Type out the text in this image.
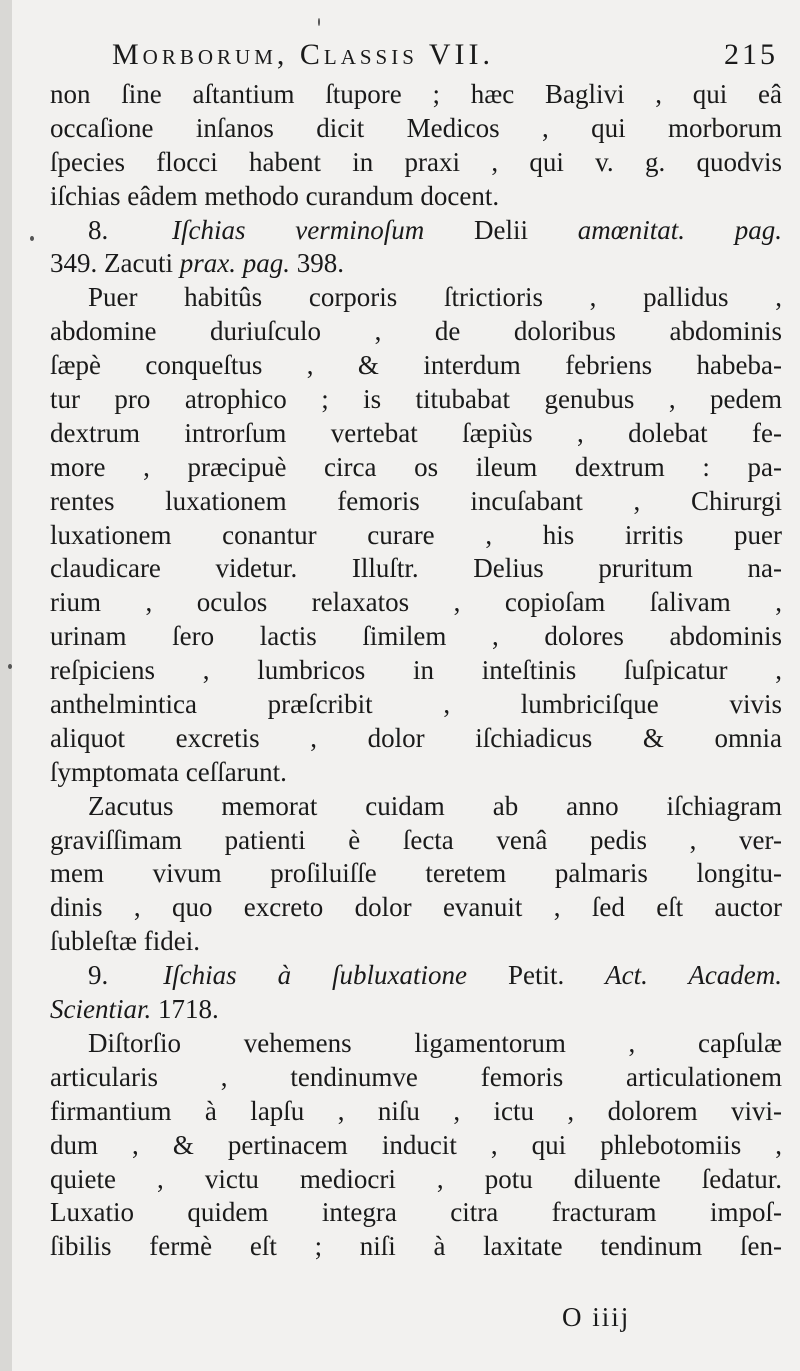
Morborum, Classis VII.	215
non ſine aſtantium ſtupore ; hæc Baglivi , qui eâ
occaſione inſanos dicit Medicos , qui morborum
ſpecies flocci habent in praxi , qui v. g. quodvis
iſchias eâdem methodo curandum docent.
8. Iſchias verminoſum Delii amœnitat. pag.
349. Zacuti prax. pag. 398.
Puer habitûs corporis ſtrictioris , pallidus ,
abdomine duriuſculo , de doloribus abdominis
ſæpè conqueſtus , & interdum febriens habeba-
tur pro atrophico ; is titubabat genubus , pedem
dextrum introrſum vertebat ſæpiùs , dolebat fe-
more , præcipuè circa os ileum dextrum : pa-
rentes luxationem femoris incuſabant , Chirurgi
luxationem conantur curare , his irritis puer
claudicare videtur. Illuſtr. Delius pruritum na-
rium , oculos relaxatos , copioſam ſalivam ,
urinam ſero lactis ſimilem , dolores abdominis
reſpiciens , lumbricos in inteſtinis ſuſpicatur ,
anthelmintica præſcribit , lumbriciſque vivis
aliquot excretis , dolor iſchiadicus & omnia
ſymptomata ceſſarunt.
Zacutus memorat cuidam ab anno iſchiagram
graviſſimam patienti è ſecta venâ pedis , ver-
mem vivum proſiluiſſe teretem palmaris longitu-
dinis , quo excreto dolor evanuit , ſed eſt auctor
ſubleſtæ fidei.
9. Iſchias à ſubluxatione Petit. Act. Academ.
Scientiar. 1718.
Diſtorſio vehemens ligamentorum , capſulæ
articularis , tendinumve femoris articulationem
firmantium à lapſu , niſu , ictu , dolorem vivi-
dum , & pertinacem inducit , qui phlebotomiis ,
quiete , victu mediocri , potu diluente ſedatur.
Luxatio quidem integra citra fracturam impoſ-
ſibilis fermè eſt ; niſi à laxitate tendinum ſen-
O iiij
